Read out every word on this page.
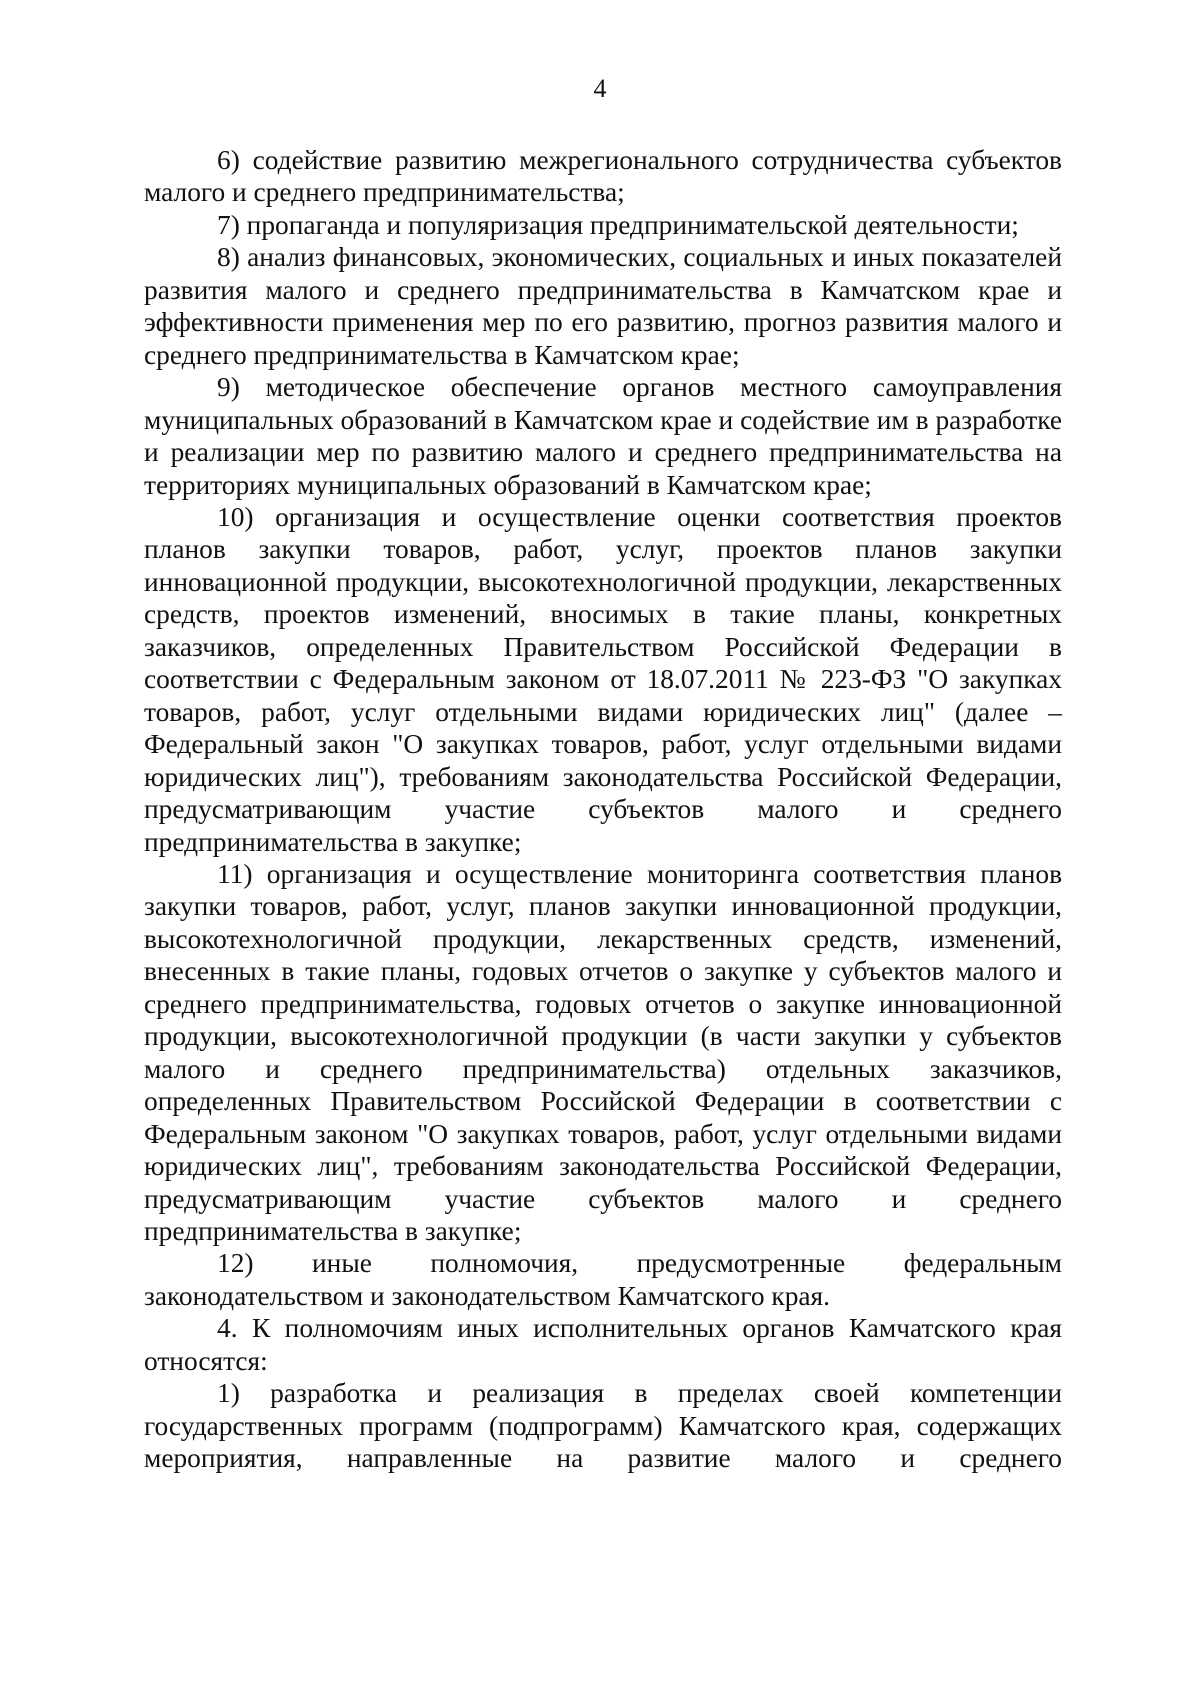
4

6) содействие развитию межрегионального сотрудничества субъектов малого и среднего предпринимательства;

7) пропаганда и популяризация предпринимательской деятельности;

8) анализ финансовых, экономических, социальных и иных показателей развития малого и среднего предпринимательства в Камчатском крае и эффективности применения мер по его развитию, прогноз развития малого и среднего предпринимательства в Камчатском крае;

9) методическое обеспечение органов местного самоуправления муниципальных образований в Камчатском крае и содействие им в разработке и реализации мер по развитию малого и среднего предпринимательства на территориях муниципальных образований в Камчатском крае;

10) организация и осуществление оценки соответствия проектов планов закупки товаров, работ, услуг, проектов планов закупки инновационной продукции, высокотехнологичной продукции, лекарственных средств, проектов изменений, вносимых в такие планы, конкретных заказчиков, определенных Правительством Российской Федерации в соответствии с Федеральным законом от 18.07.2011 № 223-ФЗ "О закупках товаров, работ, услуг отдельными видами юридических лиц" (далее – Федеральный закон "О закупках товаров, работ, услуг отдельными видами юридических лиц"), требованиям законодательства Российской Федерации, предусматривающим участие субъектов малого и среднего предпринимательства в закупке;

11) организация и осуществление мониторинга соответствия планов закупки товаров, работ, услуг, планов закупки инновационной продукции, высокотехнологичной продукции, лекарственных средств, изменений, внесенных в такие планы, годовых отчетов о закупке у субъектов малого и среднего предпринимательства, годовых отчетов о закупке инновационной продукции, высокотехнологичной продукции (в части закупки у субъектов малого и среднего предпринимательства) отдельных заказчиков, определенных Правительством Российской Федерации в соответствии с Федеральным законом "О закупках товаров, работ, услуг отдельными видами юридических лиц", требованиям законодательства Российской Федерации, предусматривающим участие субъектов малого и среднего предпринимательства в закупке;

12) иные полномочия, предусмотренные федеральным законодательством и законодательством Камчатского края.

4. К полномочиям иных исполнительных органов Камчатского края относятся:

1) разработка и реализация в пределах своей компетенции государственных программ (подпрограмм) Камчатского края, содержащих мероприятия, направленные на развитие малого и среднего
